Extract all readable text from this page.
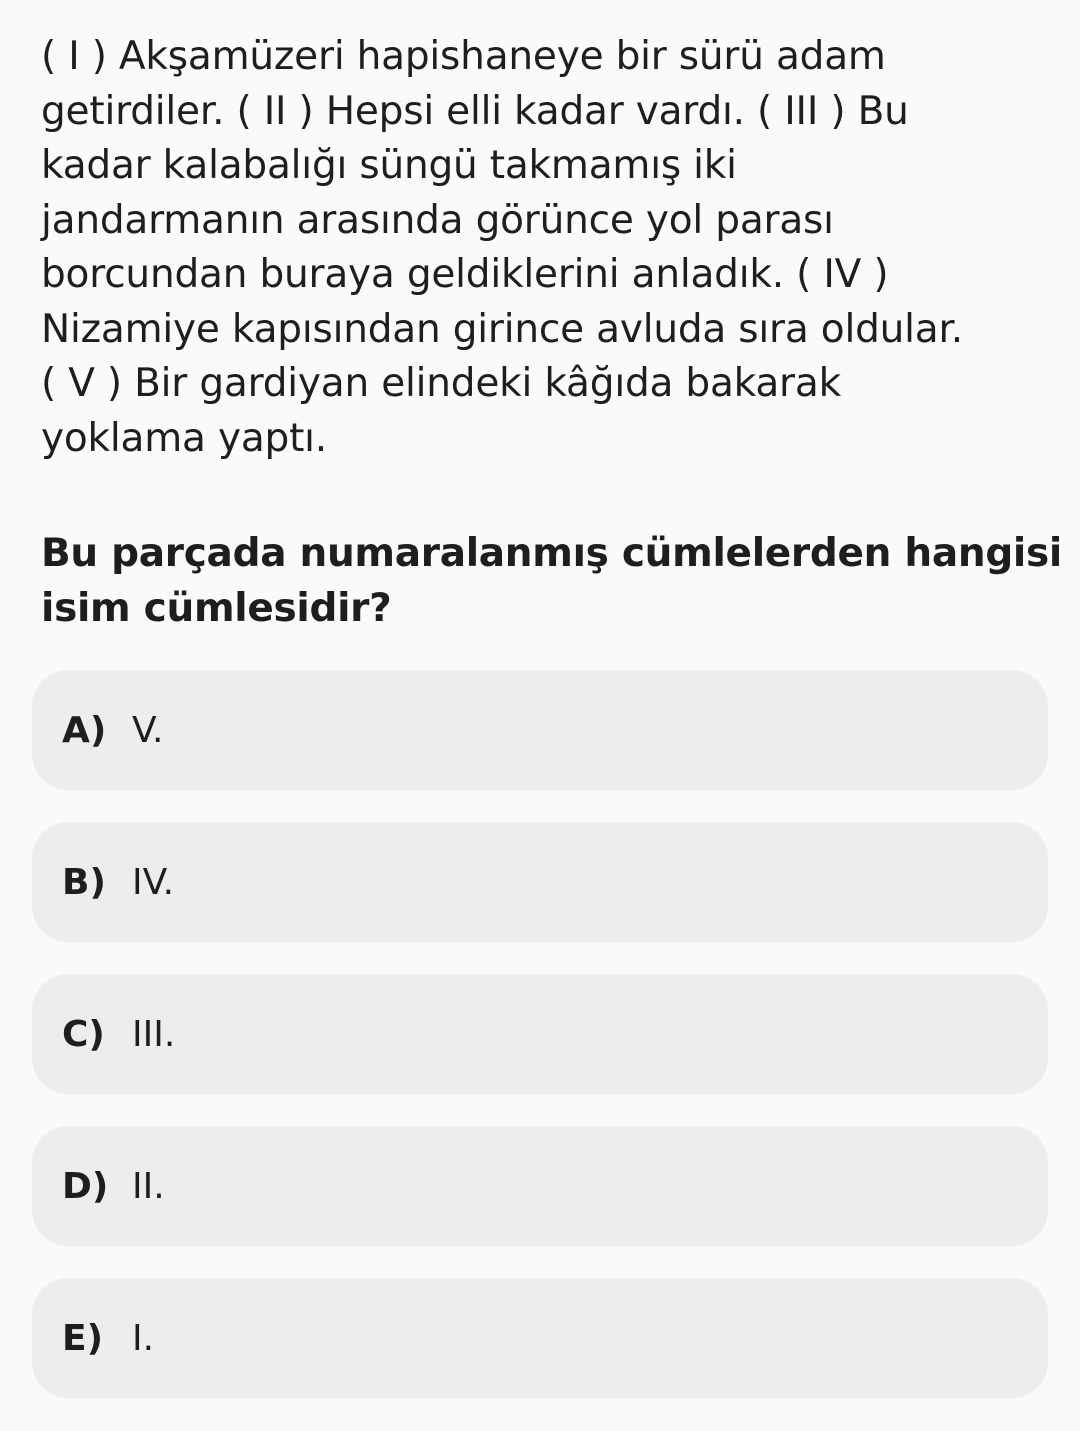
( I ) Akşamüzeri hapishaneye bir sürü adam
getirdiler. ( II ) Hepsi elli kadar vardı. ( III ) Bu
kadar kalabalığı süngü takmamış iki
jandarmanın arasında görünce yol parası
borcundan buraya geldiklerini anladık. ( IV )
Nizamiye kapısından girince avluda sıra oldular.
( V ) Bir gardiyan elindeki kâğıda bakarak
yoklama yaptı.
Bu parçada numaralanmış cümlelerden hangisi
isim cümlesidir?
A) V.
B) IV.
C) III.
D) II.
E) I.
